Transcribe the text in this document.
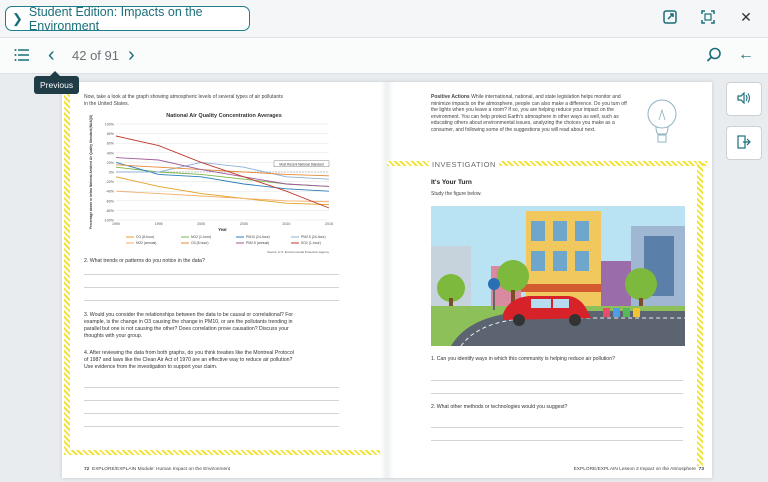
❯ Student Edition: Impacts on the Environment
✕
‹ 42 of 91 ›	←
Previous
Now, take a look at the graph showing atmospheric levels of several types of air pollutants in the United States.
National Air Quality Concentration Averages
100%
80%
60%
40%
20%
0%
-20%
-40%
-60%
-80%
-100%
1990	1995	2000	2005	2010	2015
Year
Percentage above or below National Ambient Air Quality Standard (NAAQS)	Most Recent National Standard
CO (8-hour)	NO2 (1-hour)	PM10 (24-hour)	PM2.5 (24-hour)
NO2 (annual)	O3 (8-hour)	PM2.5 (annual)	SO2 (1-hour)
Source: U.S. Environmental Protection Agency
2. What trends or patterns do you notice in the data?
3. Would you consider the relationships between the data to be causal or correlational? For example, is the change in O3 causing the change in PM10, or are the pollutants trending in parallel but one is not causing the other? Does correlation prove causation? Discuss your thoughts with your group.
4. After reviewing the data from both graphs, do you think treaties like the Montreal Protocol of 1987 and laws like the Clean Air Act of 1970 are an effective way to reduce air pollution? Use evidence from the investigation to support your claim.
72 EXPLORE/EXPLAIN Module: Human Impact on the Environment
Positive Actions While international, national, and state legislation helps monitor and minimize impacts on the atmosphere, people can also make a difference. Do you turn off the lights when you leave a room? If so, you are helping reduce your impact on the environment. You can help protect Earth's atmosphere in other ways as well, such as educating others about environmental issues, analyzing the choices you make as a consumer, and following some of the suggestions you will read about next.
INVESTIGATION
It's Your Turn
Study the figure below.
1. Can you identify ways in which this community is helping reduce air pollution?
2. What other methods or technologies would you suggest?
EXPLORE/EXPLAIN Lesson 3 Impact on the Atmosphere 73
